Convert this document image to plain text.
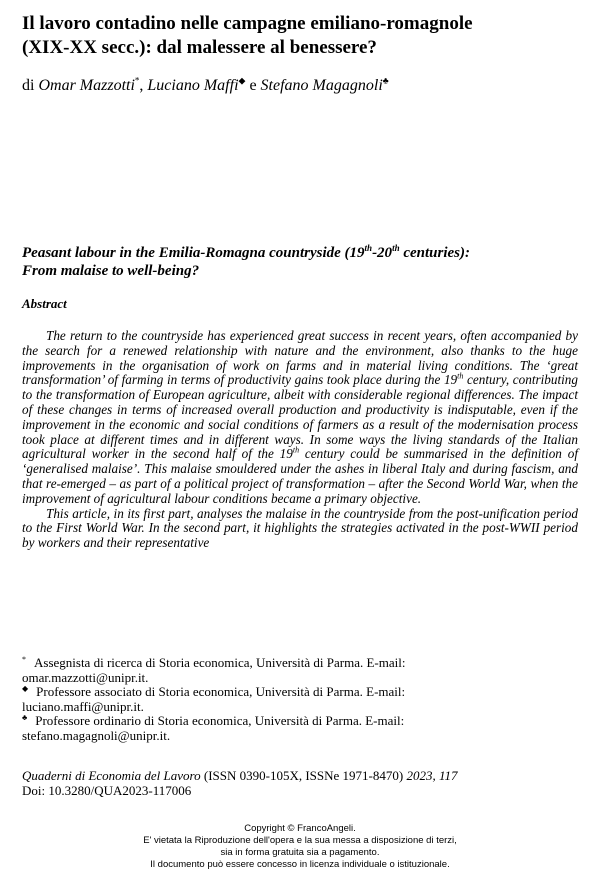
Il lavoro contadino nelle campagne emiliano-romagnole
(XIX-XX secc.): dal malessere al benessere?
di Omar Mazzotti*, Luciano Maffi◆ e Stefano Magagnoli♣
Peasant labour in the Emilia-Romagna countryside (19th-20th centuries):
From malaise to well-being?
Abstract

The return to the countryside has experienced great success in recent years, often accompanied by the search for a renewed relationship with nature and the environment, also thanks to the huge improvements in the organisation of work on farms and in material living conditions. The ‘great transformation’ of farming in terms of productivity gains took place during the 19th century, contributing to the transformation of European agriculture, albeit with considerable regional differences. The impact of these changes in terms of increased overall production and productivity is indisputable, even if the improvement in the economic and social conditions of farmers as a result of the modernisation process took place at different times and in different ways. In some ways the living standards of the Italian agricultural worker in the second half of the 19th century could be summarised in the definition of ‘generalised malaise’. This malaise smouldered under the ashes in liberal Italy and during fascism, and that re-emerged – as part of a political project of transformation – after the Second World War, when the improvement of agricultural labour conditions became a primary objective.

This article, in its first part, analyses the malaise in the countryside from the post-unification period to the First World War. In the second part, it highlights the strategies activated in the post-WWII period by workers and their representative

* Assegnista di ricerca di Storia economica, Università di Parma. E-mail:
omar.mazzotti@unipr.it.
◆ Professore associato di Storia economica, Università di Parma. E-mail:
luciano.maffi@unipr.it.
♣ Professore ordinario di Storia economica, Università di Parma. E-mail:
stefano.magagnoli@unipr.it.
Quaderni di Economia del Lavoro (ISSN 0390-105X, ISSNe 1971-8470) 2023, 117
Doi: 10.3280/QUA2023-117006
Copyright © FrancoAngeli.
E' vietata la Riproduzione dell'opera e la sua messa a disposizione di terzi,
sia in forma gratuita sia a pagamento.
Il documento può essere concesso in licenza individuale o istituzionale.
